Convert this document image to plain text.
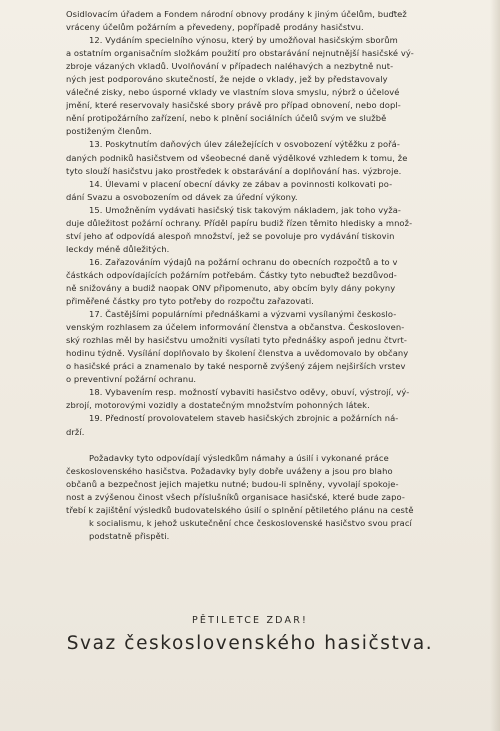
Osidlovacím úřadem a Fondem národní obnovy prodány k jiným účelům, buďtež

vráceny účelům požárním a převedeny, popřípadě prodány hasičstvu.

12. Vydáním specielního výnosu, který by umožňoval hasičským sborům

a ostatním organisačním složkám použití pro obstarávání nejnutnější hasičské vý-

zbroje vázaných vkladů. Uvolňování v případech naléhavých a nezbytně nut-

ných jest podporováno skutečností, že nejde o vklady, jež by představovaly

válečné zisky, nebo úsporné vklady ve vlastním slova smyslu, nýbrž o účelové

jmění, které reservovaly hasičské sbory právě pro případ obnovení, nebo dopl-

nění protipožárního zařízení, nebo k plnění sociálních účelů svým ve službě

postiženým členům.

13. Poskytnutím daňových úlev záležejících v osvobození výtěžku z pořá-

daných podniků hasičstvem od všeobecné daně výdělkové vzhledem k tomu, že

tyto slouží hasičstvu jako prostředek k obstarávání a doplňování has. výzbroje.

14. Úlevami v placení obecní dávky ze zábav a povinnosti kolkovati po-

dání Svazu a osvobozením od dávek za úřední výkony.

15. Umožněním vydávati hasičský tisk takovým nákladem, jak toho vyža-

duje důležitost požární ochrany. Příděl papíru budiž řízen těmito hledisky a množ-

ství jeho ať odpovídá alespoň množství, jež se povoluje pro vydávání tiskovin

leckdy méně důležitých.

16. Zařazováním výdajů na požární ochranu do obecních rozpočtů a to v

částkách odpovídajících požárním potřebám. Částky tyto nebuďtež bezdůvod-

ně snižovány a budiž naopak ONV připomenuto, aby obcím byly dány pokyny

přiměřené částky pro tyto potřeby do rozpočtu zařazovati.

17. Častějšími populárními přednáškami a výzvami vysílanými českoslo-

venským rozhlasem za účelem informování členstva a občanstva. Českosloven-

ský rozhlas měl by hasičstvu umožniti vysílati tyto přednášky aspoň jednu čtvrt-

hodinu týdně. Vysílání doplňovalo by školení členstva a uvědomovalo by občany

o hasičské práci a znamenalo by také nesporně zvýšený zájem nejširších vrstev

o preventivní požární ochranu.

18. Vybavením resp. možností vybaviti hasičstvo oděvy, obuví, výstrojí, vý-

zbrojí, motorovými vozidly a dostatečným množstvím pohonných látek.

19. Předností provolovatelem staveb hasičských zbrojnic a požárních ná-

drží.

Požadavky tyto odpovídají výsledkům námahy a úsilí i vykonané práce

československého hasičstva. Požadavky byly dobře uváženy a jsou pro blaho

občanů a bezpečnost jejich majetku nutné; budou-li splněny, vyvolají spokoje-

nost a zvýšenou činost všech příslušníků organisace hasičské, které bude zapo-

třebí k zajištění výsledků budovatelského úsilí o splnění pětiletého plánu na cestě

k socialismu, k jehož uskutečnění chce československé hasičstvo svou prací

podstatně přispěti.

PĚTILETCE ZDAR!
Svaz československého hasičstva.
